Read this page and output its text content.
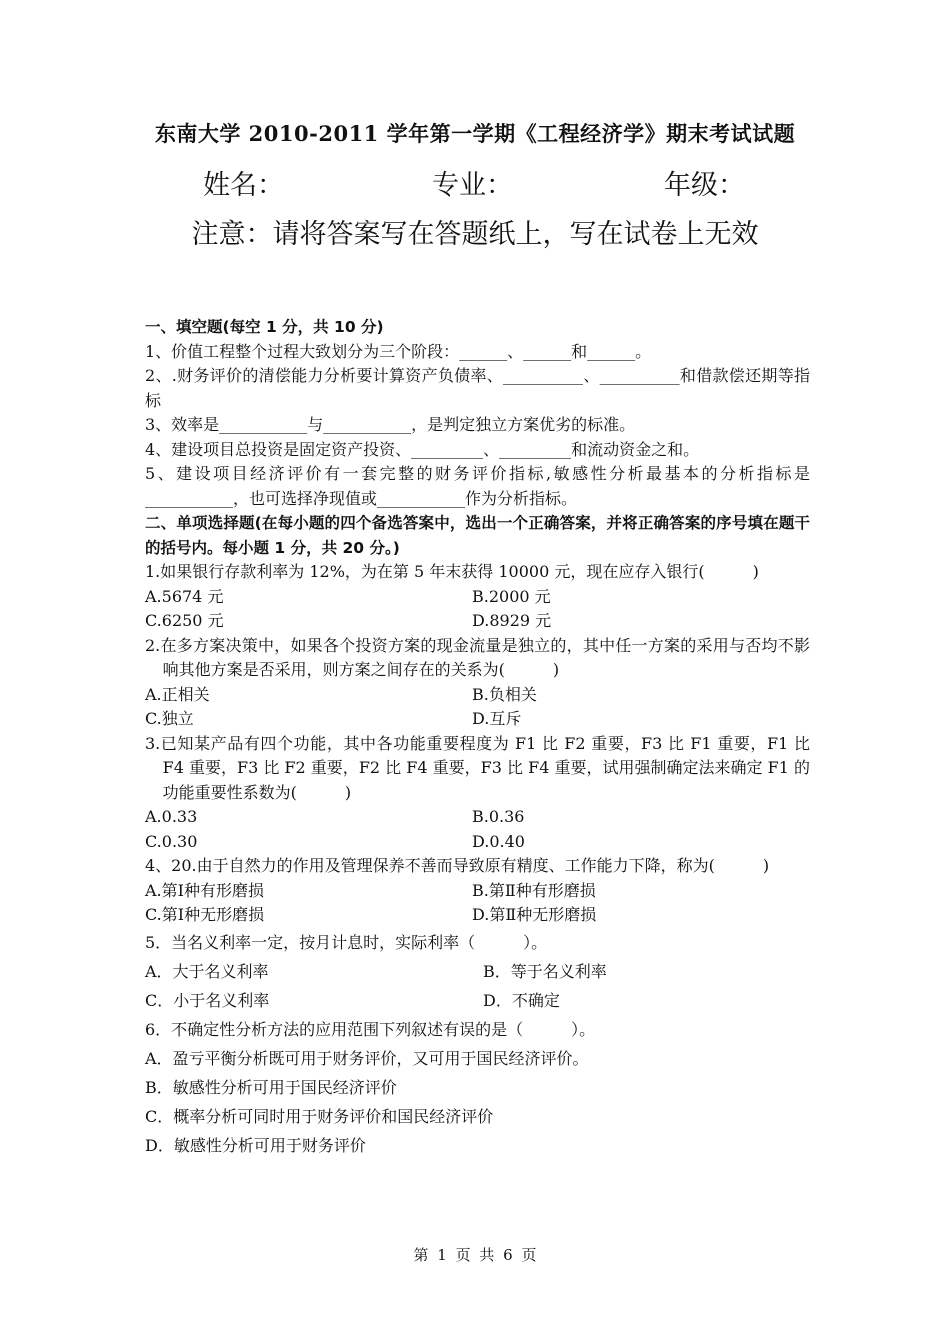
东南大学 2010-2011 学年第一学期《工程经济学》期末考试试题
姓名：	专业：	年级：
注意：请将答案写在答题纸上，写在试卷上无效
一、填空题(每空 1 分，共 10 分)
1、价值工程整个过程大致划分为三个阶段：______、______和______。
2、.财务评价的清偿能力分析要计算资产负债率、__________、__________和借款偿还期等指标
3、效率是___________与___________，是判定独立方案优劣的标准。
4、建设项目总投资是固定资产投资、_________、_________和流动资金之和。
5、建设项目经济评价有一套完整的财务评价指标,敏感性分析最基本的分析指标是___________，也可选择净现值或___________作为分析指标。
二、单项选择题(在每小题的四个备选答案中，选出一个正确答案，并将正确答案的序号填在题干的括号内。每小题 1 分，共 20 分。)
1.如果银行存款利率为 12%，为在第 5 年末获得 10000 元，现在应存入银行(　　　)
A.5674 元	B.2000 元
C.6250 元	D.8929 元
2.在多方案决策中，如果各个投资方案的现金流量是独立的，其中任一方案的采用与否均不影响其他方案是否采用，则方案之间存在的关系为(　　　)
A.正相关	B.负相关
C.独立	D.互斥
3.已知某产品有四个功能，其中各功能重要程度为 F1 比 F2 重要，F3 比 F1 重要，F1 比 F4 重要，F3 比 F2 重要，F2 比 F4 重要，F3 比 F4 重要，试用强制确定法来确定 F1 的功能重要性系数为(　　　)
A.0.33	B.0.36
C.0.30	D.0.40
4、20.由于自然力的作用及管理保养不善而导致原有精度、工作能力下降，称为(　　　)
A.第Ⅰ种有形磨损	B.第Ⅱ种有形磨损
C.第Ⅰ种无形磨损	D.第Ⅱ种无形磨损
5．当名义利率一定，按月计息时，实际利率（　　　）。
A．大于名义利率	B．等于名义利率
C．小于名义利率	D．不确定
6．不确定性分析方法的应用范围下列叙述有误的是（　　　）。
A．盈亏平衡分析既可用于财务评价，又可用于国民经济评价。
B．敏感性分析可用于国民经济评价
C．概率分析可同时用于财务评价和国民经济评价
D．敏感性分析可用于财务评价
第 1 页 共 6 页
